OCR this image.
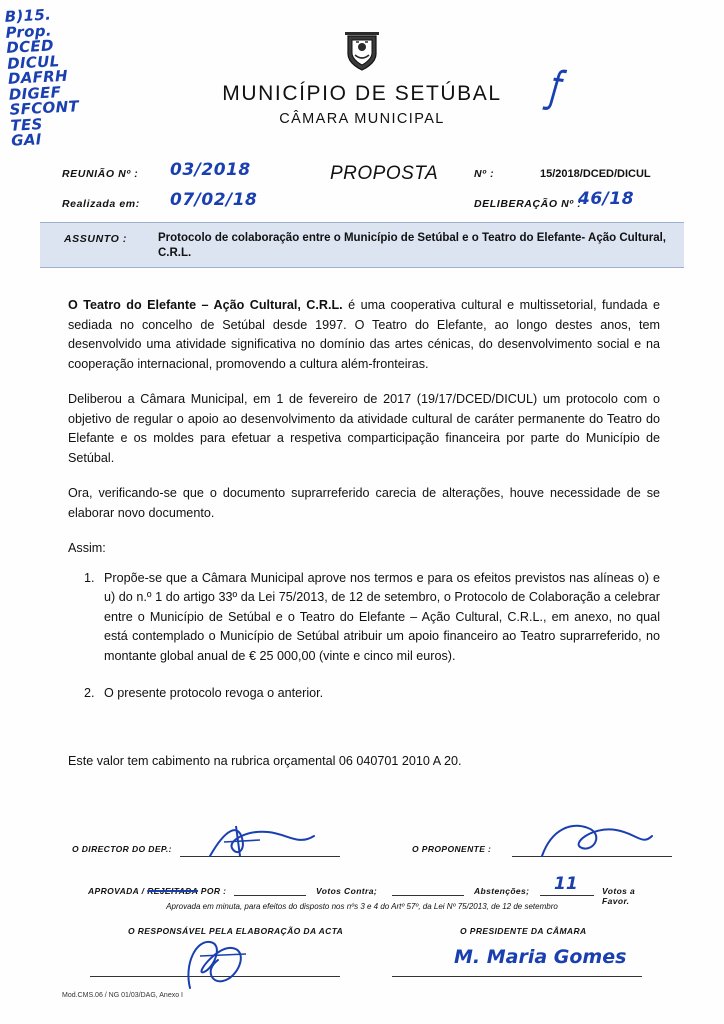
B)15.
Prop.
DCED
DICUL
DAFRH
DIGEF
SFCONT
TES
GAI
ƒ
MUNICÍPIO DE SETÚBAL
CÂMARA MUNICIPAL
REUNIÃO Nº : 03/2018
Realizada em: 07/02/18
PROPOSTA	Nº :	15/2018/DCED/DICUL
DELIBERAÇÃO Nº :
46/18
ASSUNTO :	Protocolo de colaboração entre o Município de Setúbal e o Teatro do Elefante- Ação Cultural, C.R.L.

O Teatro do Elefante – Ação Cultural, C.R.L. é uma cooperativa cultural e multissetorial, fundada e sediada no concelho de Setúbal desde 1997. O Teatro do Elefante, ao longo destes anos, tem desenvolvido uma atividade significativa no domínio das artes cénicas, do desenvolvimento social e na cooperação internacional, promovendo a cultura além-fronteiras.

Deliberou a Câmara Municipal, em 1 de fevereiro de 2017 (19/17/DCED/DICUL) um protocolo com o objetivo de regular o apoio ao desenvolvimento da atividade cultural de caráter permanente do Teatro do Elefante e os moldes para efetuar a respetiva comparticipação financeira por parte do Município de Setúbal.

Ora, verificando-se que o documento suprarreferido carecia de alterações, houve necessidade de se elaborar novo documento.

Assim:

1. Propõe-se que a Câmara Municipal aprove nos termos e para os efeitos previstos nas alíneas o) e u) do n.º 1 do artigo 33º da Lei 75/2013, de 12 de setembro, o Protocolo de Colaboração a celebrar entre o Município de Setúbal e o Teatro do Elefante – Ação Cultural, C.R.L., em anexo, no qual está contemplado o Município de Setúbal atribuir um apoio financeiro ao Teatro suprarreferido, no montante global anual de € 25 000,00 (vinte e cinco mil euros).
2. O presente protocolo revoga o anterior.
Este valor tem cabimento na rubrica orçamental 06 040701 2010 A 20.
O DIRECTOR DO DEP.:	O PROPONENTE :
APROVADA / REJEITADA POR :	Votos Contra;	Abstenções; 11	Votos a Favor.
Aprovada em minuta, para efeitos do disposto nos nºs 3 e 4 do Artº 57º, da Lei Nº 75/2013, de 12 de setembro
O RESPONSÁVEL PELA ELABORAÇÃO DA ACTA	O PRESIDENTE DA CÂMARA
M. Maria Gomes
Mod.CMS.06 / NG 01/03/DAG, Anexo I
